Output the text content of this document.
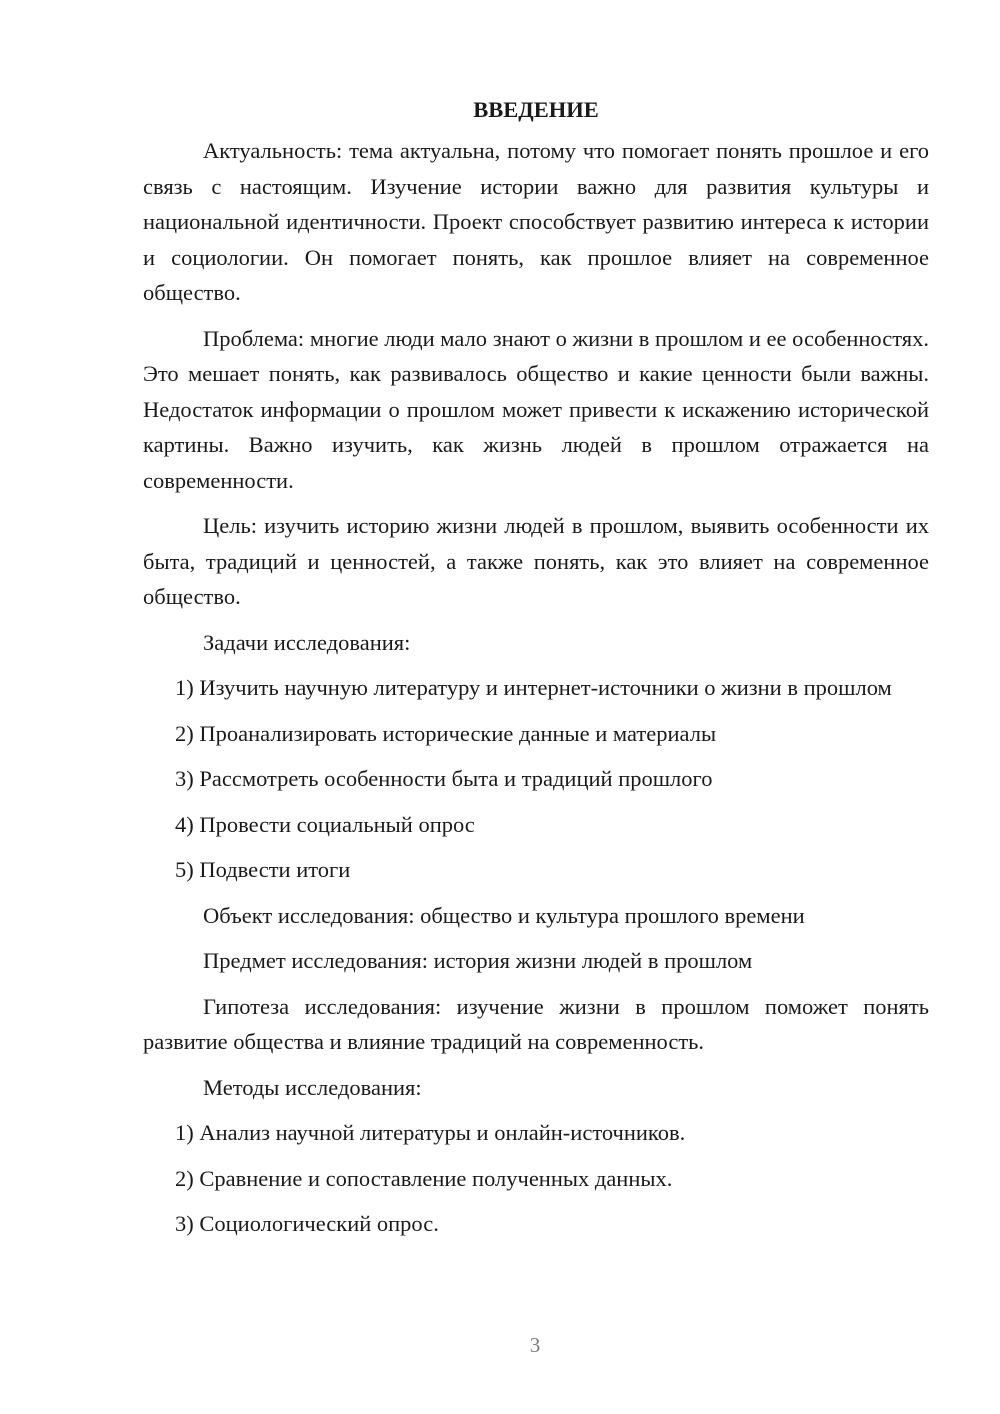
ВВЕДЕНИЕ

Актуальность: тема актуальна, потому что помогает понять прошлое и его связь с настоящим. Изучение истории важно для развития культуры и национальной идентичности. Проект способствует развитию интереса к истории и социологии. Он помогает понять, как прошлое влияет на современное общество.

Проблема: многие люди мало знают о жизни в прошлом и ее особенностях. Это мешает понять, как развивалось общество и какие ценности были важны. Недостаток информации о прошлом может привести к искажению исторической картины. Важно изучить, как жизнь людей в прошлом отражается на современности.

Цель: изучить историю жизни людей в прошлом, выявить особенности их быта, традиций и ценностей, а также понять, как это влияет на современное общество.

Задачи исследования:

1) Изучить научную литературу и интернет-источники о жизни в прошлом

2) Проанализировать исторические данные и материалы

3) Рассмотреть особенности быта и традиций прошлого

4) Провести социальный опрос

5) Подвести итоги

Объект исследования: общество и культура прошлого времени

Предмет исследования: история жизни людей в прошлом

Гипотеза исследования: изучение жизни в прошлом поможет понять развитие общества и влияние традиций на современность.

Методы исследования:

1) Анализ научной литературы и онлайн-источников.

2) Сравнение и сопоставление полученных данных.

3) Социологический опрос.

3
